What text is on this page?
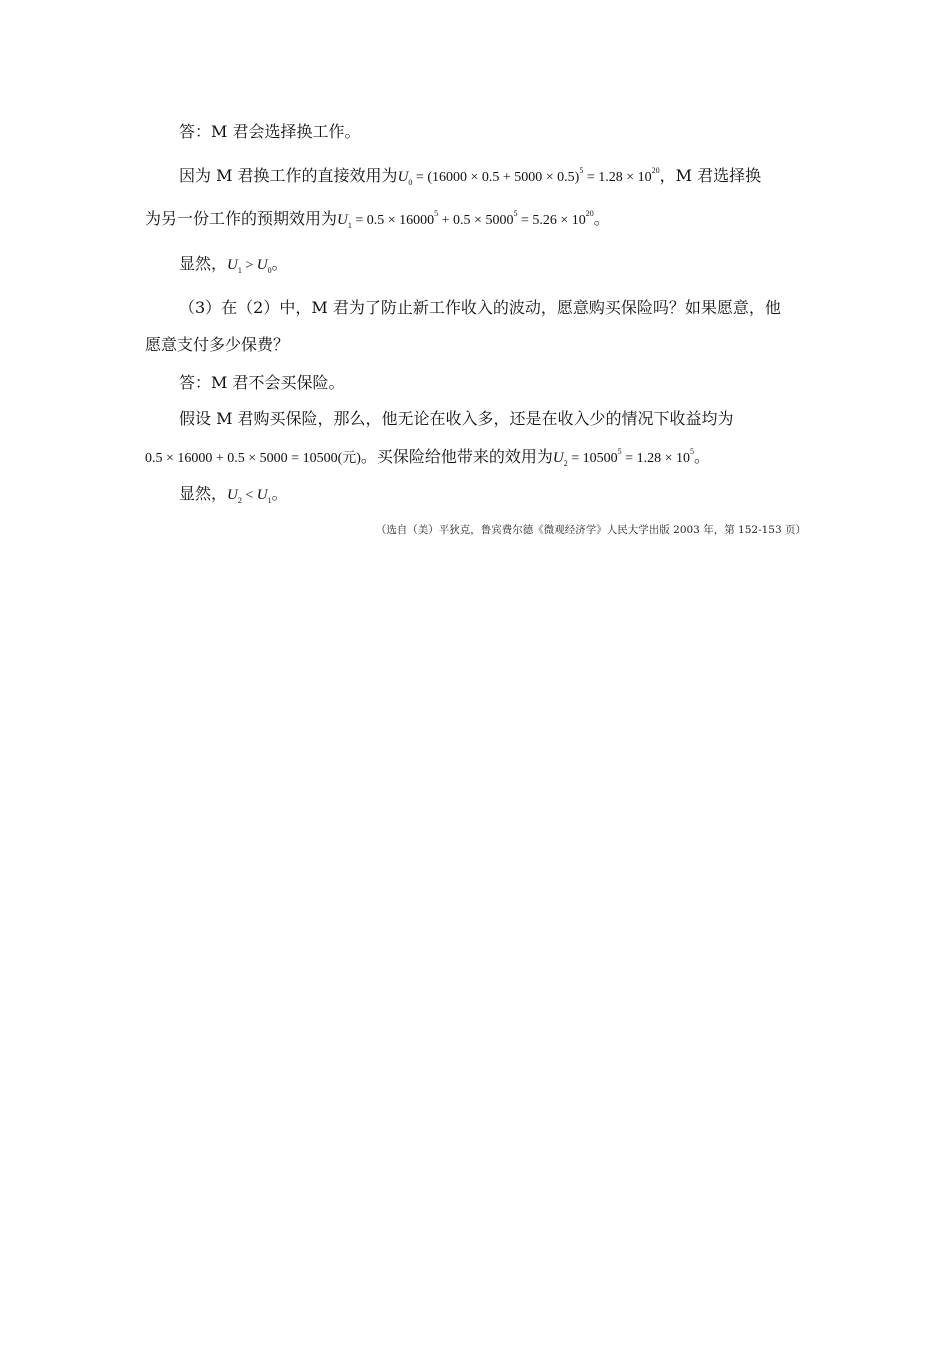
答：M 君会选择换工作。
因为 M 君换工作的直接效用为$U_0 = (16000 \times 0.5 + 5000 \times 0.5)^5 = 1.28 \times 10^{20}$，M 君选择换
为另一份工作的预期效用为$U_1 = 0.5 \times 16000^5 + 0.5 \times 5000^5 = 5.26 \times 10^{20}$。
显然，$U_1 > U_0$。
（3）在（2）中，M 君为了防止新工作收入的波动，愿意购买保险吗？如果愿意，他
愿意支付多少保费？
答：M 君不会买保险。
假设 M 君购买保险，那么，他无论在收入多，还是在收入少的情况下收益均为
0.5 × 16000 + 0.5 × 5000 = 10500(元)。买保险给他带来的效用为$U_2 = 10500^5 = 1.28 \times 10^5$。
显然，$U_2 < U_1$。
（选自（美）平狄克，鲁宾费尔德《微观经济学》人民大学出版 2003 年，第 152-153 页）
